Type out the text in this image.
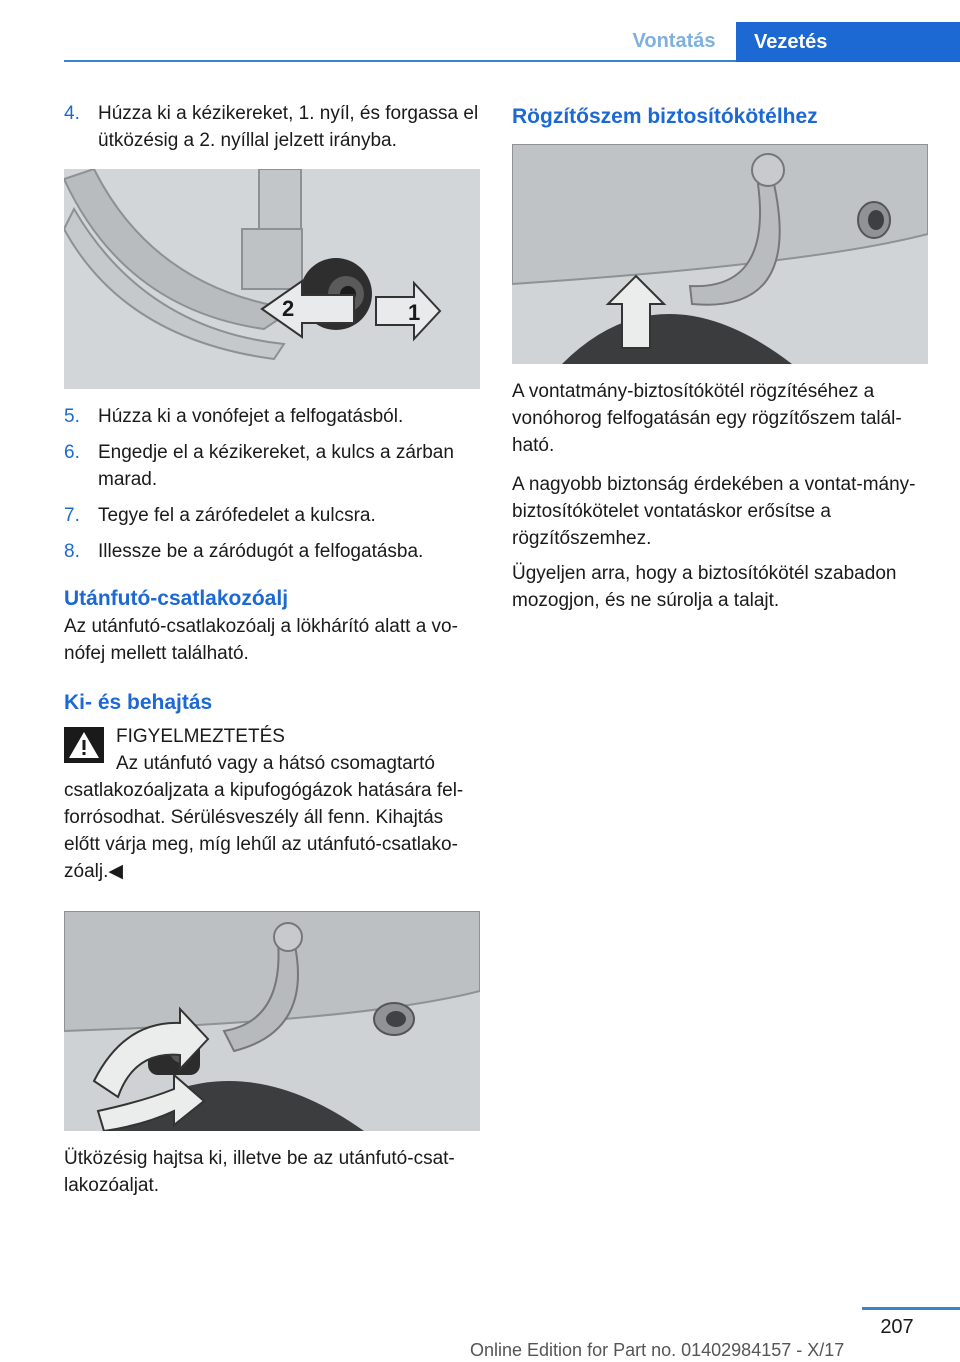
Vontatás	Vezetés
4. Húzza ki a kézikereket, 1. nyíl, és forgassa el ütközésig a 2. nyíllal jelzett irányba.
2	1
5. Húzza ki a vonófejet a felfogatásból.
6. Engedje el a kézikereket, a kulcs a zárban marad.
7. Tegye fel a zárófedelet a kulcsra.
8. Illessze be a záródugót a felfogatásba.
Utánfutó-csatlakozóalj

Az utánfutó-csatlakozóalj a lökhárító alatt a vo‐nófej mellett található.

Ki- és behajtás

FIGYELMEZTETÉS

Az utánfutó vagy a hátsó csomagtartó

csatlakozóaljzata a kipufogógázok hatására fel‐forrósodhat. Sérülésveszély áll fenn. Kihajtás előtt várja meg, míg lehűl az utánfutó-csatlako‐zóalj.◀

Ütközésig hajtsa ki, illetve be az utánfutó-csat‐lakozóaljat.

Rögzítőszem biztosítókötélhez

A vontatmány-biztosítókötél rögzítéséhez a vonóhorog felfogatásán egy rögzítőszem talál‐ható.

A nagyobb biztonság érdekében a vontat‐mány-biztosítókötelet vontatáskor erősítse a rögzítőszemhez.

Ügyeljen arra, hogy a biztosítókötél szabadon mozogjon, és ne súrolja a talajt.

207
Online Edition for Part no. 01402984157 - X/17
